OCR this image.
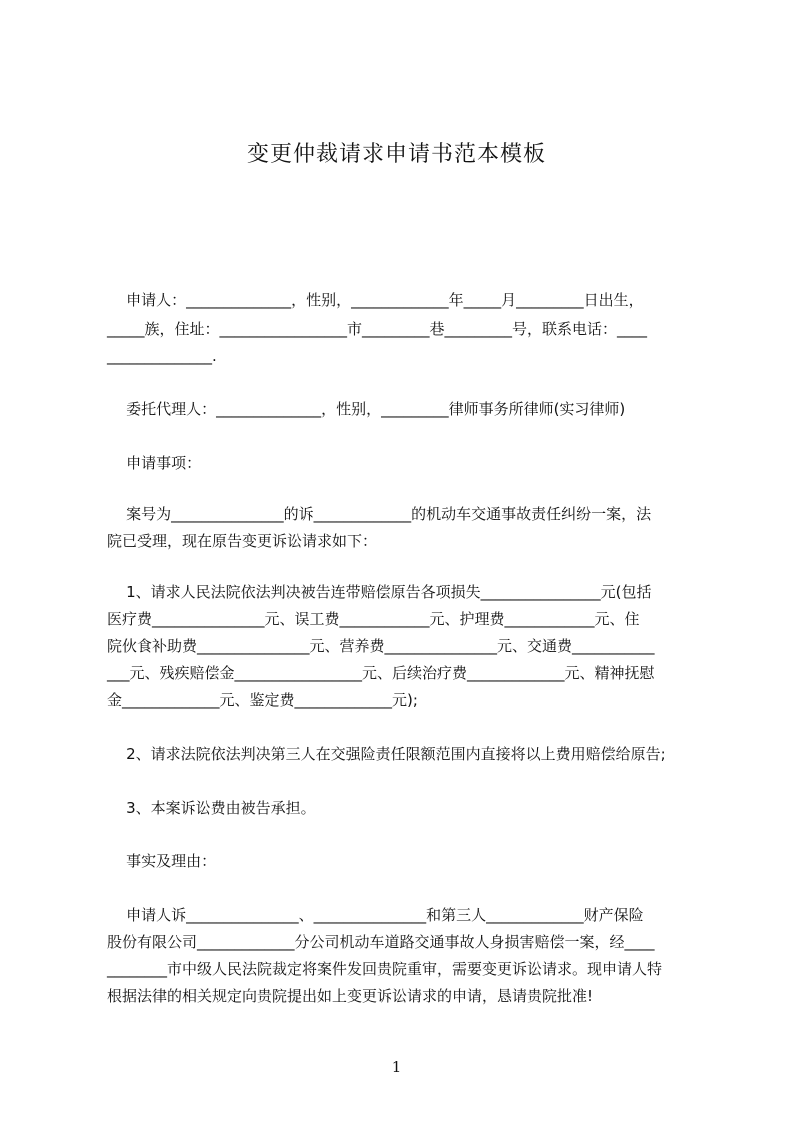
变更仲裁请求申请书范本模板
申请人：______________，性别，_____________年_____月_________日出生，
_____族，住址：_________________市_________巷_________号，联系电话：____
______________.
委托代理人：______________，性别，_________律师事务所律师(实习律师)
申请事项：
案号为_______________的诉_____________的机动车交通事故责任纠纷一案，法
院已受理，现在原告变更诉讼请求如下：
1、请求人民法院依法判决被告连带赔偿原告各项损失________________元(包括
医疗费_______________元、误工费____________元、护理费____________元、住
院伙食补助费_______________元、营养费_______________元、交通费___________
___元、残疾赔偿金_________________元、后续治疗费_____________元、精神抚慰
金_____________元、鉴定费_____________元);
2、请求法院依法判决第三人在交强险责任限额范围内直接将以上费用赔偿给原告;
3、本案诉讼费由被告承担。
事实及理由：
申请人诉_______________、_______________和第三人_____________财产保险
股份有限公司_____________分公司机动车道路交通事故人身损害赔偿一案，经____
________市中级人民法院裁定将案件发回贵院重审，需要变更诉讼请求。现申请人特
根据法律的相关规定向贵院提出如上变更诉讼请求的申请，恳请贵院批准!
1
